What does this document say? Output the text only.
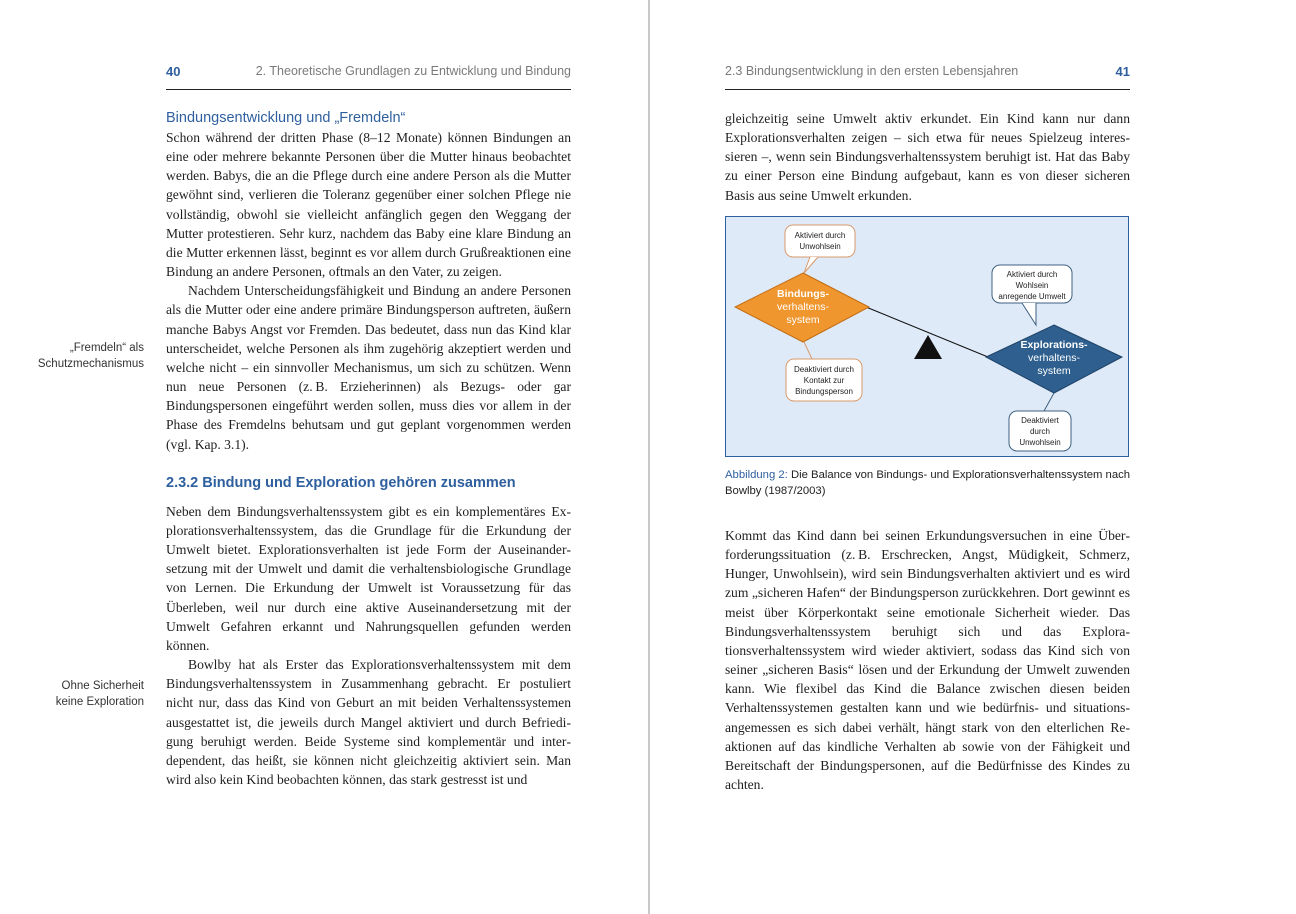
40	2. Theoretische Grundlagen zu Entwicklung und Bindung
Bindungsentwicklung und „Fremdeln“

Schon während der dritten Phase (8–12 Monate) können Bindungen an eine oder mehrere bekannte Personen über die Mutter hinaus beobachtet werden. Babys, die an die Pflege durch eine andere Person als die Mutter gewöhnt sind, verlieren die Toleranz gegenüber einer solchen Pflege nie vollständig, obwohl sie vielleicht anfänglich gegen den Weggang der Mutter protestieren. Sehr kurz, nachdem das Baby eine klare Bindung an die Mutter erkennen lässt, beginnt es vor allem durch Grußreaktionen eine Bindung an andere Personen, oftmals an den Vater, zu zeigen.

Nachdem Unterscheidungsfähigkeit und Bindung an andere Personen als die Mutter oder eine andere primäre Bindungsperson auftreten, äußern manche Babys Angst vor Fremden. Das bedeutet, dass nun das Kind klar unterscheidet, welche Personen als ihm zugehörig akzeptiert werden und welche nicht – ein sinnvoller Mechanismus, um sich zu schützen. Wenn nun neue Personen (z. B. Erzieherinnen) als Bezugs- oder gar Bindungspersonen eingeführt werden sollen, muss dies vor allem in der Phase des Fremdelns behutsam und gut geplant vorgenommen werden (vgl. Kap. 3.1).

2.3.2 Bindung und Exploration gehören zusammen

Neben dem Bindungsverhaltenssystem gibt es ein komplementäres Explorationsverhaltenssystem, das die Grundlage für die Erkundung der Umwelt bietet. Explorationsverhalten ist jede Form der Auseinandersetzung mit der Umwelt und damit die verhaltensbiologische Grundlage von Lernen. Die Erkundung der Umwelt ist Voraussetzung für das Überleben, weil nur durch eine aktive Auseinandersetzung mit der Umwelt Gefahren erkannt und Nahrungsquellen gefunden werden können.

Bowlby hat als Erster das Explorationsverhaltenssystem mit dem Bindungsverhaltenssystem in Zusammenhang gebracht. Er postuliert nicht nur, dass das Kind von Geburt an mit beiden Verhaltenssystemen ausgestattet ist, die jeweils durch Mangel aktiviert und durch Befriedigung beruhigt werden. Beide Systeme sind komplementär und interdependent, das heißt, sie können nicht gleichzeitig aktiviert sein. Man wird also kein Kind beobachten können, das stark gestresst ist und

„Fremdeln“ als
Schutzmechanismus
Ohne Sicherheit
keine Exploration
2.3 Bindungsentwicklung in den ersten Lebensjahren	41

gleichzeitig seine Umwelt aktiv erkundet. Ein Kind kann nur dann Explorationsverhalten zeigen – sich etwa für neues Spielzeug interessieren –, wenn sein Bindungsverhaltenssystem beruhigt ist. Hat das Baby zu einer Person eine Bindung aufgebaut, kann es von dieser sicheren Basis aus seine Umwelt erkunden.

Aktiviert durch
Unwohlsein
Bindungs-
verhaltens-
system
Deaktiviert durch
Kontakt zur
Bindungsperson
Aktiviert durch
Wohlsein
anregende Umwelt
Explorations-
verhaltens-
system
Deaktiviert
durch
Unwohlsein
Abbildung 2: Die Balance von Bindungs- und Explorationsverhaltenssystem nach Bowlby (1987/2003)

Kommt das Kind dann bei seinen Erkundungsversuchen in eine Überforderungssituation (z. B. Erschrecken, Angst, Müdigkeit, Schmerz, Hunger, Unwohlsein), wird sein Bindungsverhalten aktiviert und es wird zum „sicheren Hafen“ der Bindungsperson zurückkehren. Dort gewinnt es meist über Körperkontakt seine emotionale Sicherheit wieder. Das Bindungsverhaltenssystem beruhigt sich und das Explorationsverhaltenssystem wird wieder aktiviert, sodass das Kind sich von seiner „sicheren Basis“ lösen und der Erkundung der Umwelt zuwenden kann. Wie flexibel das Kind die Balance zwischen diesen beiden Verhaltenssystemen gestalten kann und wie bedürfnis- und situationsangemessen es sich dabei verhält, hängt stark von den elterlichen Reaktionen auf das kindliche Verhalten ab sowie von der Fähigkeit und Bereitschaft der Bindungspersonen, auf die Bedürfnisse des Kindes zu achten.
